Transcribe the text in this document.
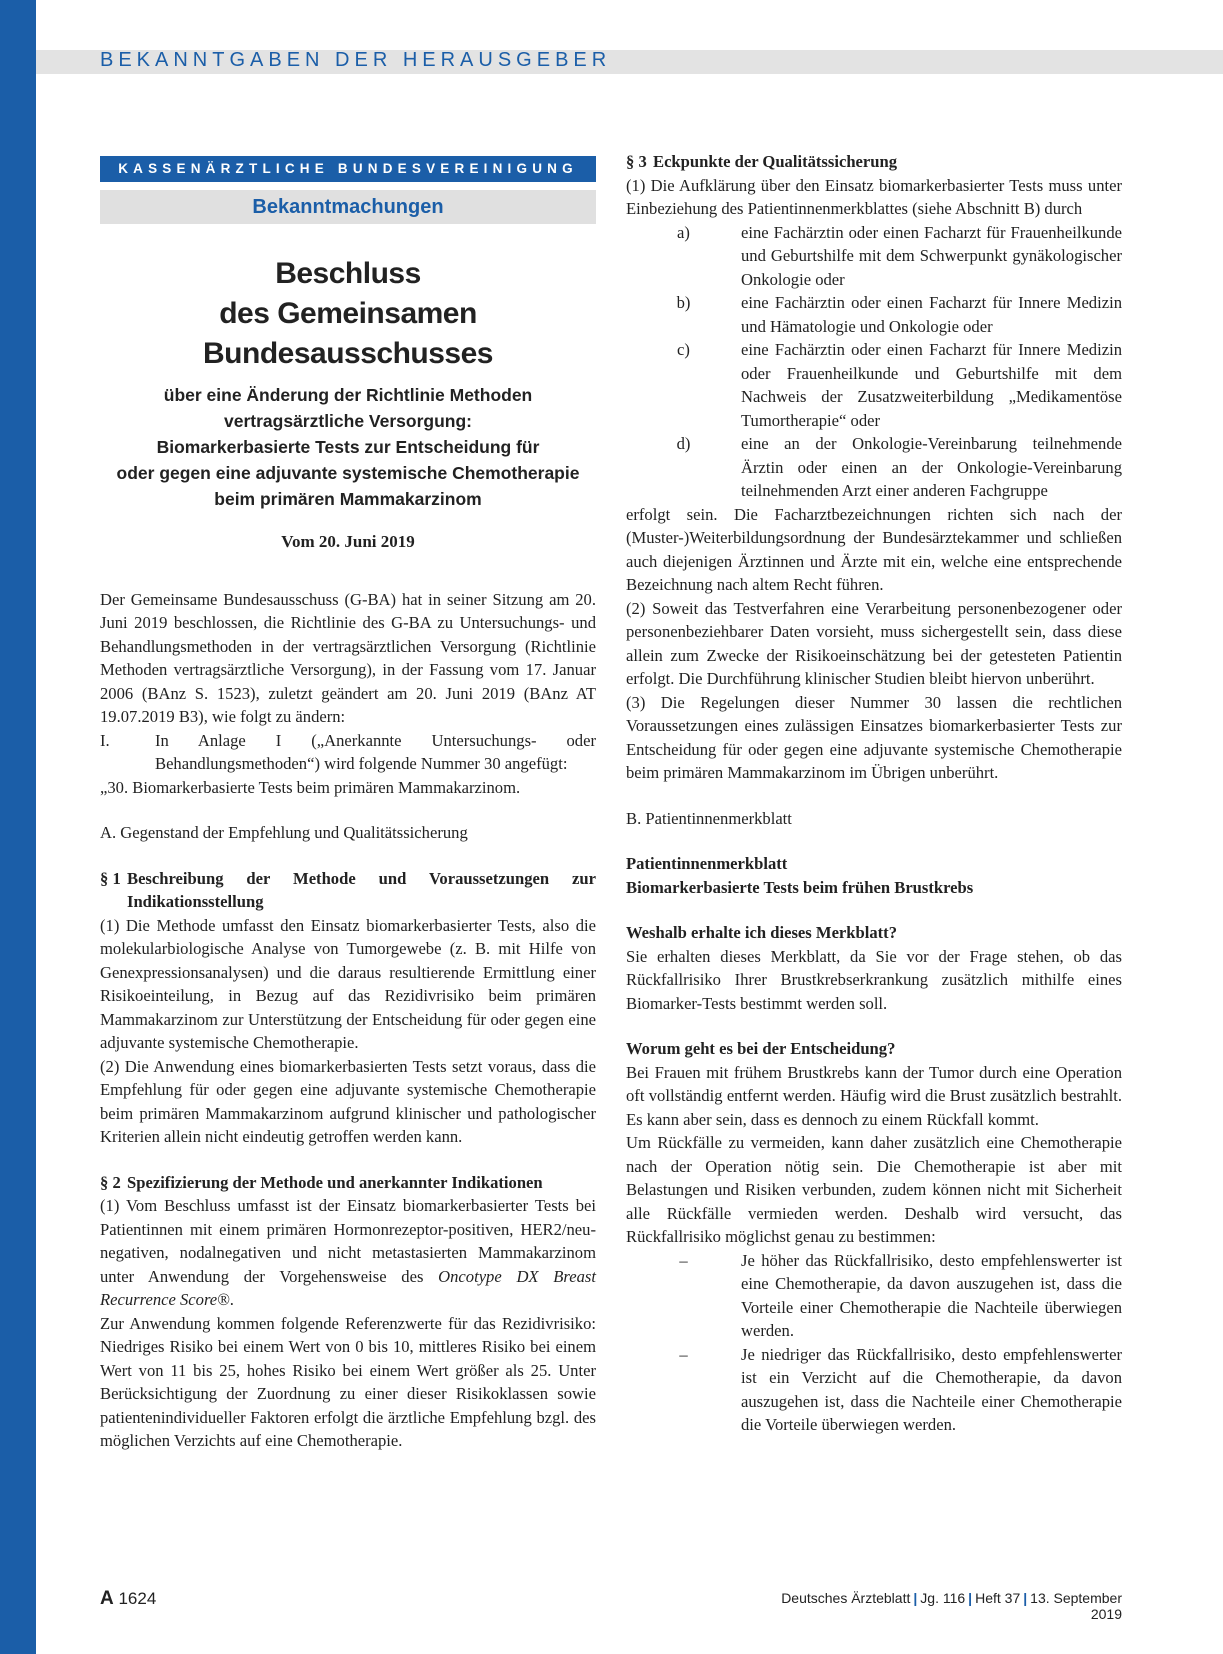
BEKANNTGABEN DER HERAUSGEBER
KASSENÄRZTLICHE BUNDESVEREINIGUNG
Bekanntmachungen
Beschluss
des Gemeinsamen Bundesausschusses
über eine Änderung der Richtlinie Methoden
vertragsärztliche Versorgung:
Biomarkerbasierte Tests zur Entscheidung für
oder gegen eine adjuvante systemische Chemotherapie
beim primären Mammakarzinom
Vom 20. Juni 2019

Der Gemeinsame Bundesausschuss (G-BA) hat in seiner Sitzung am 20. Juni 2019 beschlossen, die Richtlinie des G-BA zu Untersuchungs- und Behandlungsmethoden in der vertragsärztlichen Versorgung (Richtlinie Methoden vertragsärztliche Versorgung), in der Fassung vom 17. Januar 2006 (BAnz S. 1523), zuletzt geändert am 20. Juni 2019 (BAnz AT 19.07.2019 B3), wie folgt zu ändern:

I.	In Anlage I („Anerkannte Untersuchungs- oder Behandlungsmethoden“) wird folgende Nummer 30 angefügt:

„30. Biomarkerbasierte Tests beim primären Mammakarzinom.

A. Gegenstand der Empfehlung und Qualitätssicherung

§ 1 Beschreibung der Methode und Voraussetzungen zur Indikationsstellung

(1) Die Methode umfasst den Einsatz biomarkerbasierter Tests, also die molekularbiologische Analyse von Tumorgewebe (z. B. mit Hilfe von Genexpressionsanalysen) und die daraus resultierende Ermittlung einer Risikoeinteilung, in Bezug auf das Rezidivrisiko beim primären Mammakarzinom zur Unterstützung der Entscheidung für oder gegen eine adjuvante systemische Chemotherapie.

(2) Die Anwendung eines biomarkerbasierten Tests setzt voraus, dass die Empfehlung für oder gegen eine adjuvante systemische Chemotherapie beim primären Mammakarzinom aufgrund klinischer und pathologischer Kriterien allein nicht eindeutig getroffen werden kann.

§ 2 Spezifizierung der Methode und anerkannter Indikationen

(1) Vom Beschluss umfasst ist der Einsatz biomarkerbasierter Tests bei Patientinnen mit einem primären Hormonrezeptor-positiven, HER2/neu-negativen, nodalnegativen und nicht metastasierten Mammakarzinom unter Anwendung der Vorgehensweise des Oncotype DX Breast Recurrence Score®.

Zur Anwendung kommen folgende Referenzwerte für das Rezidivrisiko: Niedriges Risiko bei einem Wert von 0 bis 10, mittleres Risiko bei einem Wert von 11 bis 25, hohes Risiko bei einem Wert größer als 25. Unter Berücksichtigung der Zuordnung zu einer dieser Risikoklassen sowie patientenindividueller Faktoren erfolgt die ärztliche Empfehlung bzgl. des möglichen Verzichts auf eine Chemotherapie.

§ 3 Eckpunkte der Qualitätssicherung

(1) Die Aufklärung über den Einsatz biomarkerbasierter Tests muss unter Einbeziehung des Patientinnenmerkblattes (siehe Abschnitt B) durch

a)	eine Fachärztin oder einen Facharzt für Frauenheilkunde und Geburtshilfe mit dem Schwerpunkt gynäkologischer Onkologie oder
b)	eine Fachärztin oder einen Facharzt für Innere Medizin und Hämatologie und Onkologie oder
c)	eine Fachärztin oder einen Facharzt für Innere Medizin oder Frauenheilkunde und Geburtshilfe mit dem Nachweis der Zusatzweiterbildung „Medikamentöse Tumortherapie“ oder
d)	eine an der Onkologie-Vereinbarung teilnehmende Ärztin oder einen an der Onkologie-Vereinbarung teilnehmenden Arzt einer anderen Fachgruppe

erfolgt sein. Die Facharztbezeichnungen richten sich nach der (Muster-)Weiterbildungsordnung der Bundesärztekammer und schließen auch diejenigen Ärztinnen und Ärzte mit ein, welche eine entsprechende Bezeichnung nach altem Recht führen.

(2) Soweit das Testverfahren eine Verarbeitung personenbezogener oder personenbeziehbarer Daten vorsieht, muss sichergestellt sein, dass diese allein zum Zwecke der Risikoeinschätzung bei der getesteten Patientin erfolgt. Die Durchführung klinischer Studien bleibt hiervon unberührt.

(3) Die Regelungen dieser Nummer 30 lassen die rechtlichen Voraussetzungen eines zulässigen Einsatzes biomarkerbasierter Tests zur Entscheidung für oder gegen eine adjuvante systemische Chemotherapie beim primären Mammakarzinom im Übrigen unberührt.

B. Patientinnenmerkblatt

Patientinnenmerkblatt

Biomarkerbasierte Tests beim frühen Brustkrebs

Weshalb erhalte ich dieses Merkblatt?

Sie erhalten dieses Merkblatt, da Sie vor der Frage stehen, ob das Rückfallrisiko Ihrer Brustkrebserkrankung zusätzlich mithilfe eines Biomarker-Tests bestimmt werden soll.

Worum geht es bei der Entscheidung?

Bei Frauen mit frühem Brustkrebs kann der Tumor durch eine Operation oft vollständig entfernt werden. Häufig wird die Brust zusätzlich bestrahlt. Es kann aber sein, dass es dennoch zu einem Rückfall kommt.

Um Rückfälle zu vermeiden, kann daher zusätzlich eine Chemotherapie nach der Operation nötig sein. Die Chemotherapie ist aber mit Belastungen und Risiken verbunden, zudem können nicht mit Sicherheit alle Rückfälle vermieden werden. Deshalb wird versucht, das Rückfallrisiko möglichst genau zu bestimmen:

–	Je höher das Rückfallrisiko, desto empfehlenswerter ist eine Chemotherapie, da davon auszugehen ist, dass die Vorteile einer Chemotherapie die Nachteile überwiegen werden.
–	Je niedriger das Rückfallrisiko, desto empfehlenswerter ist ein Verzicht auf die Chemotherapie, da davon auszugehen ist, dass die Nachteile einer Chemotherapie die Vorteile überwiegen werden.
A 1624	Deutsches Ärzteblatt | Jg. 116 | Heft 37 | 13. September 2019
